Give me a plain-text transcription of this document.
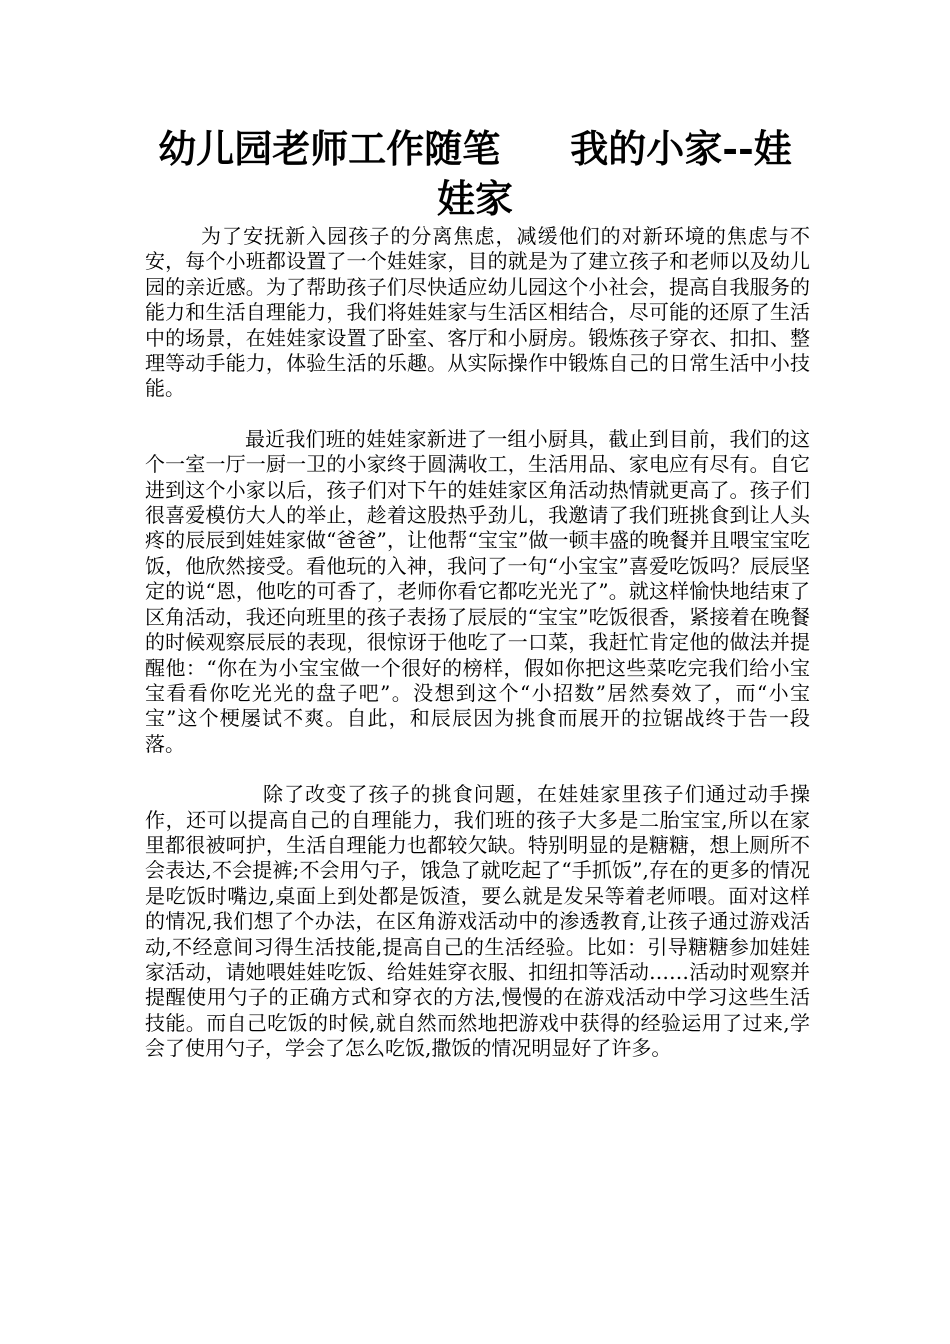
幼儿园老师工作随笔 我的小家--娃娃家

为了安抚新入园孩子的分离焦虑，减缓他们的对新环境的焦虑与不安，每个小班都设置了一个娃娃家，目的就是为了建立孩子和老师以及幼儿园的亲近感。为了帮助孩子们尽快适应幼儿园这个小社会，提高自我服务的能力和生活自理能力，我们将娃娃家与生活区相结合，尽可能的还原了生活中的场景，在娃娃家设置了卧室、客厅和小厨房。锻炼孩子穿衣、扣扣、整理等动手能力，体验生活的乐趣。从实际操作中锻炼自己的日常生活中小技能。

最近我们班的娃娃家新进了一组小厨具，截止到目前，我们的这个一室一厅一厨一卫的小家终于圆满收工，生活用品、家电应有尽有。自它进到这个小家以后，孩子们对下午的娃娃家区角活动热情就更高了。孩子们很喜爱模仿大人的举止，趁着这股热乎劲儿，我邀请了我们班挑食到让人头疼的辰辰到娃娃家做“爸爸”，让他帮“宝宝”做一顿丰盛的晚餐并且喂宝宝吃饭，他欣然接受。看他玩的入神，我问了一句“小宝宝”喜爱吃饭吗？辰辰坚定的说“恩，他吃的可香了，老师你看它都吃光光了”。就这样愉快地结束了区角活动，我还向班里的孩子表扬了辰辰的“宝宝”吃饭很香，紧接着在晚餐的时候观察辰辰的表现，很惊讶于他吃了一口菜，我赶忙肯定他的做法并提醒他：“你在为小宝宝做一个很好的榜样，假如你把这些菜吃完我们给小宝宝看看你吃光光的盘子吧”。没想到这个“小招数”居然奏效了，而“小宝宝”这个梗屡试不爽。自此，和辰辰因为挑食而展开的拉锯战终于告一段落。

除了改变了孩子的挑食问题，在娃娃家里孩子们通过动手操作，还可以提高自己的自理能力，我们班的孩子大多是二胎宝宝,所以在家里都很被呵护，生活自理能力也都较欠缺。特别明显的是糖糖，想上厕所不会表达,不会提裤;不会用勺子，饿急了就吃起了“手抓饭”,存在的更多的情况是吃饭时嘴边,桌面上到处都是饭渣，要么就是发呆等着老师喂。面对这样的情况,我们想了个办法，在区角游戏活动中的渗透教育,让孩子通过游戏活动,不经意间习得生活技能,提高自己的生活经验。比如：引导糖糖参加娃娃家活动，请她喂娃娃吃饭、给娃娃穿衣服、扣纽扣等活动……活动时观察并提醒使用勺子的正确方式和穿衣的方法,慢慢的在游戏活动中学习这些生活技能。而自己吃饭的时候,就自然而然地把游戏中获得的经验运用了过来,学会了使用勺子，学会了怎么吃饭,撒饭的情况明显好了许多。
